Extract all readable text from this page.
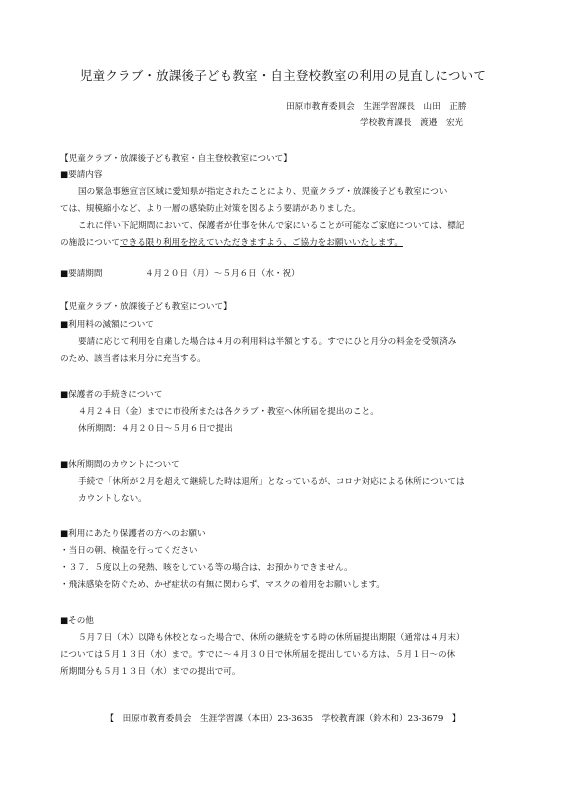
児童クラブ・放課後子ども教室・自主登校教室の利用の見直しについて
田原市教育委員会　生涯学習課長　山田　正勝
学校教育課長　渡邉　宏光
【児童クラブ・放課後子ども教室・自主登校教室について】
■要請内容
国の緊急事態宣言区域に愛知県が指定されたことにより、児童クラブ・放課後子ども教室につい
ては、規模縮小など、より一層の感染防止対策を図るよう要請がありました。
これに伴い下記期間において、保護者が仕事を休んで家にいることが可能なご家庭については、標記
の施設についてできる限り利用を控えていただきますよう、ご協力をお願いいたします。
■要請期間	４月２０日（月）～５月６日（水・祝）
【児童クラブ・放課後子ども教室について】
■利用料の減額について
要請に応じて利用を自粛した場合は４月の利用料は半額とする。すでにひと月分の料金を受領済み
のため、該当者は来月分に充当する。
■保護者の手続きについて
４月２４日（金）までに市役所または各クラブ・教室へ休所届を提出のこと。
休所期間：４月２０日～５月６日で提出
■休所期間のカウントについて
手続で「休所が２月を超えて継続した時は退所」となっているが、コロナ対応による休所については
カウントしない。
■利用にあたり保護者の方へのお願い
・当日の朝、検温を行ってください
・３７．５度以上の発熱、咳をしている等の場合は、お預かりできません。
・飛沫感染を防ぐため、かぜ症状の有無に関わらず、マスクの着用をお願いします。
■その他
５月７日（木）以降も休校となった場合で、休所の継続をする時の休所届提出期限（通常は４月末）
については５月１３日（水）まで。すでに～４月３０日で休所届を提出している方は、５月１日～の休
所期間分も５月１３日（水）までの提出で可。
【　田原市教育委員会　生涯学習課（本田）23-3635　学校教育課（鈴木和）23-3679　】
